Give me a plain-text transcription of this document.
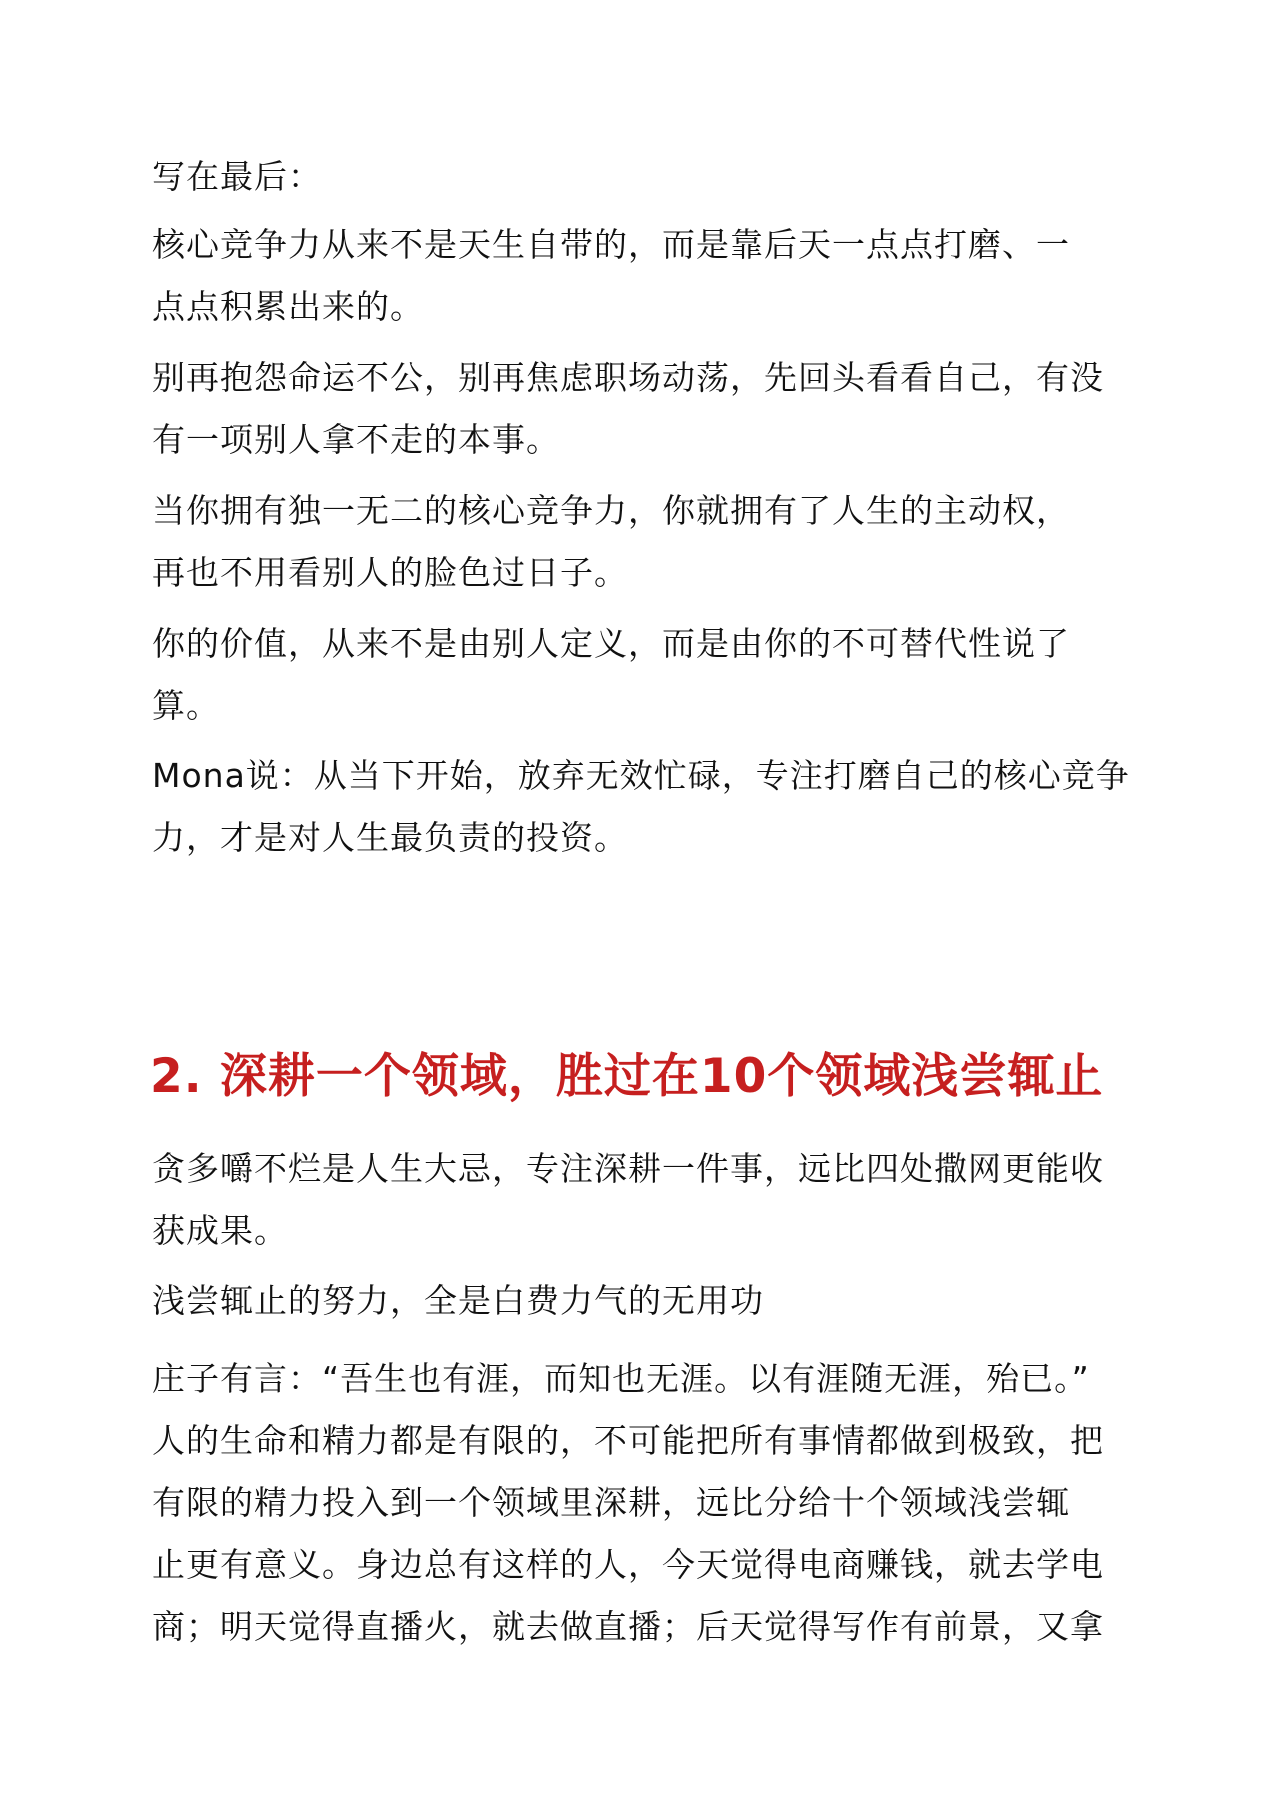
写在最后：
核心竞争力从来不是天生自带的，而是靠后天一点点打磨、一
点点积累出来的。
别再抱怨命运不公，别再焦虑职场动荡，先回头看看自己，有没
有一项别人拿不走的本事。
当你拥有独一无二的核心竞争力，你就拥有了人生的主动权，
再也不用看别人的脸色过日子。
你的价值，从来不是由别人定义，而是由你的不可替代性说了
算。
Mona说：从当下开始，放弃无效忙碌，专注打磨自己的核心竞争
力，才是对人生最负责的投资。
2. 深耕一个领域，胜过在10个领域浅尝辄止
贪多嚼不烂是人生大忌，专注深耕一件事，远比四处撒网更能收
获成果。
浅尝辄止的努力，全是白费力气的无用功
庄子有言：“吾生也有涯，而知也无涯。以有涯随无涯，殆已。”
人的生命和精力都是有限的，不可能把所有事情都做到极致，把
有限的精力投入到一个领域里深耕，远比分给十个领域浅尝辄
止更有意义。身边总有这样的人，今天觉得电商赚钱，就去学电
商；明天觉得直播火，就去做直播；后天觉得写作有前景，又拿
